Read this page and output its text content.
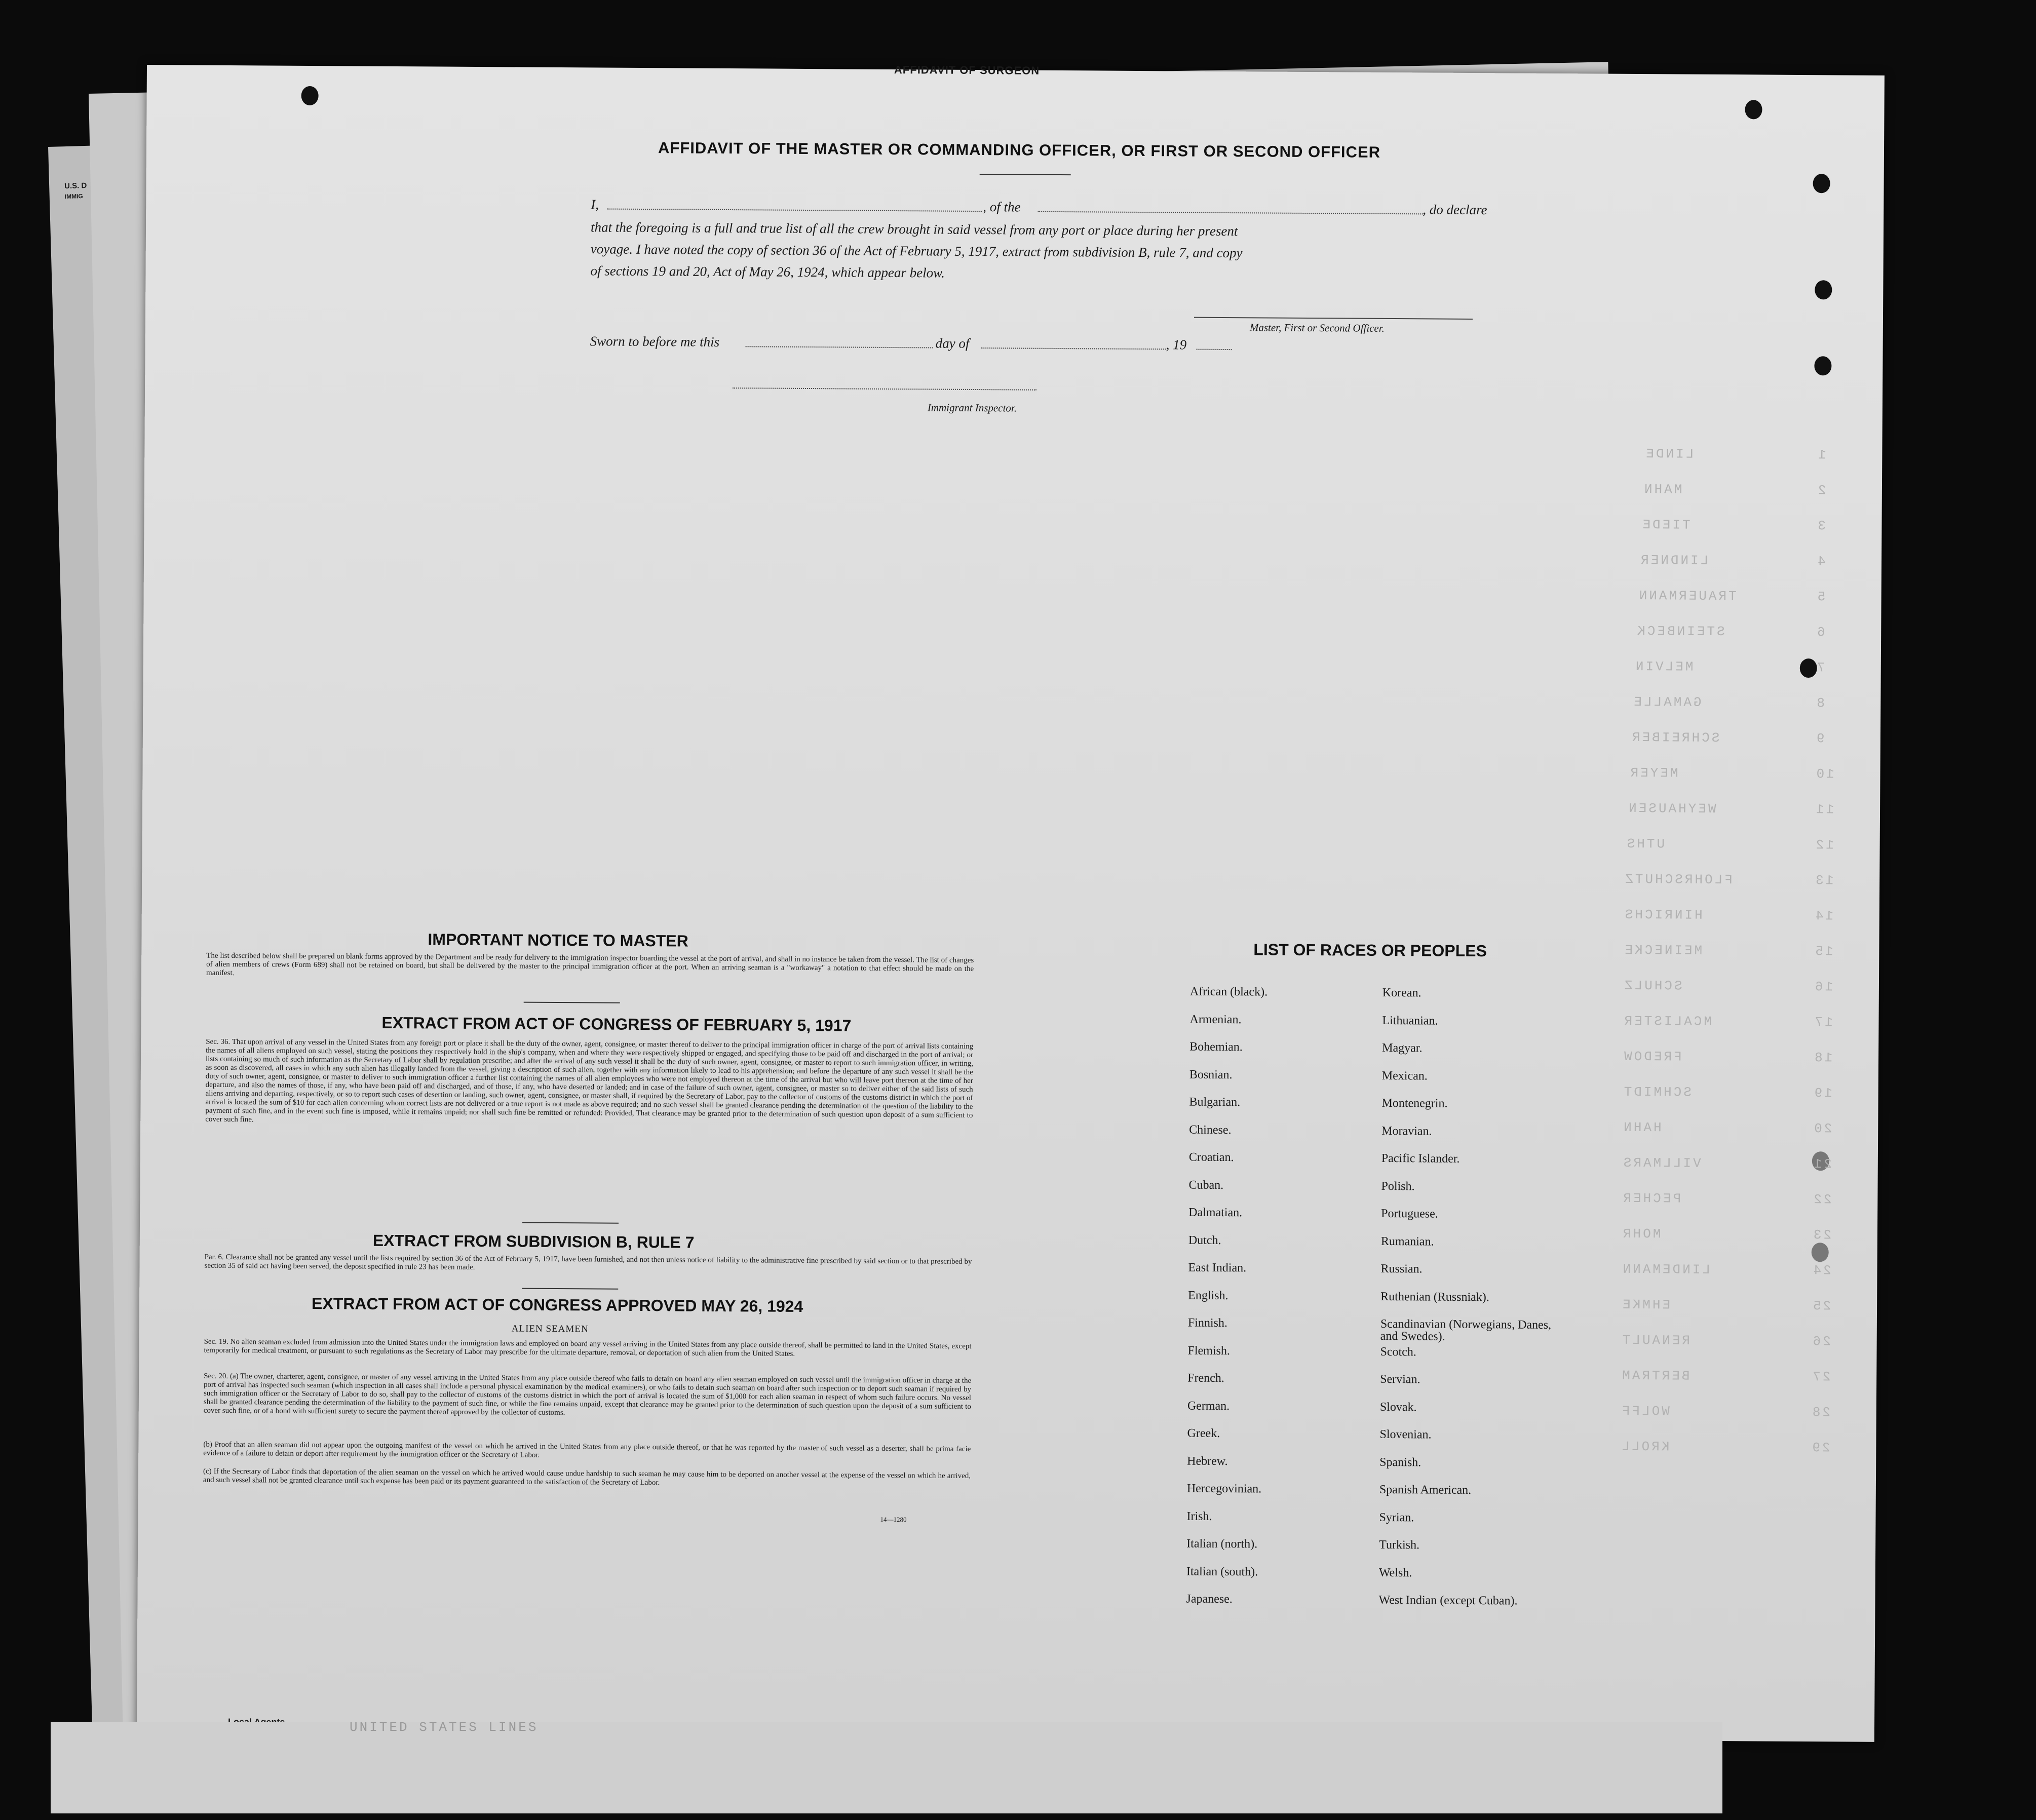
U.S. D
IMMIG
AFFIDAVIT OF SURGEON
AFFIDAVIT OF THE MASTER OR COMMANDING OFFICER, OR FIRST OR SECOND OFFICER
I,	, of the	, do declare
that the foregoing is a full and true list of all the crew brought in said vessel from any port or place during her present
voyage. I have noted the copy of section 36 of the Act of February 5, 1917, extract from subdivision B, rule 7, and copy
of sections 19 and 20, Act of May 26, 1924, which appear below.
Master, First or Second Officer.
Sworn to before me this	day of	, 19
Immigrant Inspector.
LINDE	1
MAHN	2
TIEDE	3
LINDNER	4
TRAUERMANN	5
STEINBECK	6
MELVIN	7
GAMALLE	8
SCHREIBER	9
MEYER	10
WEYHAUSEN	11
UTHS	12
FLOHRSCHUTZ	13
HINRICHS	14
MEINECKE	15
SCHULZ	16
MCALISTER	17
FREDOW	18
SCHMIDT	19
HAHN	20
VILLMARS	21
PECHER	22
MOHR	23
LINDEMANN	24
EHMKE	25
RENAULT	26
BERTRAM	27
WOLFF	28
KROLL	29
IMPORTANT NOTICE TO MASTER
The list described below shall be prepared on blank forms approved by the Department and be ready for delivery to the immigration inspector boarding the vessel at the port of arrival, and shall in no instance be taken from the vessel. The list of changes of alien members of crews (Form 689) shall not be retained on board, but shall be delivered by the master to the principal immigration officer at the port. When an arriving seaman is a "workaway" a notation to that effect should be made on the manifest.
EXTRACT FROM ACT OF CONGRESS OF FEBRUARY 5, 1917
Sec. 36. That upon arrival of any vessel in the United States from any foreign port or place it shall be the duty of the owner, agent, consignee, or master thereof to deliver to the principal immigration officer in charge of the port of arrival lists containing the names of all aliens employed on such vessel, stating the positions they respectively hold in the ship's company, when and where they were respectively shipped or engaged, and specifying those to be paid off and discharged in the port of arrival; or lists containing so much of such information as the Secretary of Labor shall by regulation prescribe; and after the arrival of any such vessel it shall be the duty of such owner, agent, consignee, or master to report to such immigration officer, in writing, as soon as discovered, all cases in which any such alien has illegally landed from the vessel, giving a description of such alien, together with any information likely to lead to his apprehension; and before the departure of any such vessel it shall be the duty of such owner, agent, consignee, or master to deliver to such immigration officer a further list containing the names of all alien employees who were not employed thereon at the time of the arrival but who will leave port thereon at the time of her departure, and also the names of those, if any, who have been paid off and discharged, and of those, if any, who have deserted or landed; and in case of the failure of such owner, agent, consignee, or master so to deliver either of the said lists of such aliens arriving and departing, respectively, or so to report such cases of desertion or landing, such owner, agent, consignee, or master shall, if required by the Secretary of Labor, pay to the collector of customs of the customs district in which the port of arrival is located the sum of $10 for each alien concerning whom correct lists are not delivered or a true report is not made as above required; and no such vessel shall be granted clearance pending the determination of the question of the liability to the payment of such fine, and in the event such fine is imposed, while it remains unpaid; nor shall such fine be remitted or refunded: Provided, That clearance may be granted prior to the determination of such question upon deposit of a sum sufficient to cover such fine.
EXTRACT FROM SUBDIVISION B, RULE 7
Par. 6. Clearance shall not be granted any vessel until the lists required by section 36 of the Act of February 5, 1917, have been furnished, and not then unless notice of liability to the administrative fine prescribed by said section or to that prescribed by section 35 of said act having been served, the deposit specified in rule 23 has been made.
EXTRACT FROM ACT OF CONGRESS APPROVED MAY 26, 1924
ALIEN SEAMEN
Sec. 19. No alien seaman excluded from admission into the United States under the immigration laws and employed on board any vessel arriving in the United States from any place outside thereof, shall be permitted to land in the United States, except temporarily for medical treatment, or pursuant to such regulations as the Secretary of Labor may prescribe for the ultimate departure, removal, or deportation of such alien from the United States.
Sec. 20. (a) The owner, charterer, agent, consignee, or master of any vessel arriving in the United States from any place outside thereof who fails to detain on board any alien seaman employed on such vessel until the immigration officer in charge at the port of arrival has inspected such seaman (which inspection in all cases shall include a personal physical examination by the medical examiners), or who fails to detain such seaman on board after such inspection or to deport such seaman if required by such immigration officer or the Secretary of Labor to do so, shall pay to the collector of customs of the customs district in which the port of arrival is located the sum of $1,000 for each alien seaman in respect of whom such failure occurs. No vessel shall be granted clearance pending the determination of the liability to the payment of such fine, or while the fine remains unpaid, except that clearance may be granted prior to the determination of such question upon the deposit of a sum sufficient to cover such fine, or of a bond with sufficient surety to secure the payment thereof approved by the collector of customs.
(b) Proof that an alien seaman did not appear upon the outgoing manifest of the vessel on which he arrived in the United States from any place outside thereof, or that he was reported by the master of such vessel as a deserter, shall be prima facie evidence of a failure to detain or deport after requirement by the immigration officer or the Secretary of Labor.
(c) If the Secretary of Labor finds that deportation of the alien seaman on the vessel on which he arrived would cause undue hardship to such seaman he may cause him to be deported on another vessel at the expense of the vessel on which he arrived, and such vessel shall not be granted clearance until such expense has been paid or its payment guaranteed to the satisfaction of the Secretary of Labor.
14—1280
LIST OF RACES OR PEOPLES
African (black).
Armenian.
Bohemian.
Bosnian.
Bulgarian.
Chinese.
Croatian.
Cuban.
Dalmatian.
Dutch.
East Indian.
English.
Finnish.
Flemish.
French.
German.
Greek.
Hebrew.
Hercegovinian.
Irish.
Italian (north).
Italian (south).
Japanese.
Korean.
Lithuanian.
Magyar.
Mexican.
Montenegrin.
Moravian.
Pacific Islander.
Polish.
Portuguese.
Rumanian.
Russian.
Ruthenian (Russniak).
Scandinavian (Norwegians, Danes, and Swedes).
Scotch.
Servian.
Slovak.
Slovenian.
Spanish.
Spanish American.
Syrian.
Turkish.
Welsh.
West Indian (except Cuban).
UNITED STATES LINES
